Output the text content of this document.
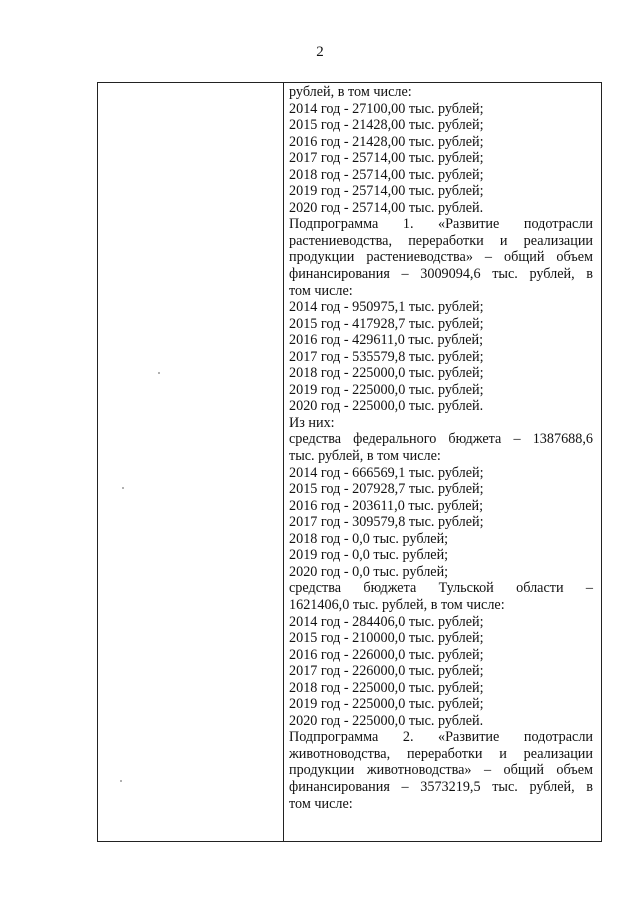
2
рублей, в том числе:
2014 год - 27100,00 тыс. рублей;
2015 год - 21428,00 тыс. рублей;
2016 год - 21428,00 тыс. рублей;
2017 год - 25714,00 тыс. рублей;
2018 год - 25714,00 тыс. рублей;
2019 год - 25714,00 тыс. рублей;
2020 год - 25714,00 тыс. рублей.
Подпрограмма 1. «Развитие подотрасли
растениеводства, переработки и реализации
продукции растениеводства» – общий объем
финансирования – 3009094,6 тыс. рублей, в
том числе:
2014 год - 950975,1 тыс. рублей;
2015 год - 417928,7 тыс. рублей;
2016 год - 429611,0 тыс. рублей;
2017 год - 535579,8 тыс. рублей;
2018 год - 225000,0 тыс. рублей;
2019 год - 225000,0 тыс. рублей;
2020 год - 225000,0 тыс. рублей.
Из них:
средства федерального бюджета – 1387688,6
тыс. рублей, в том числе:
2014 год - 666569,1 тыс. рублей;
2015 год - 207928,7 тыс. рублей;
2016 год - 203611,0 тыс. рублей;
2017 год - 309579,8 тыс. рублей;
2018 год - 0,0 тыс. рублей;
2019 год - 0,0 тыс. рублей;
2020 год - 0,0 тыс. рублей;
средства бюджета Тульской области –
1621406,0 тыс. рублей, в том числе:
2014 год - 284406,0 тыс. рублей;
2015 год - 210000,0 тыс. рублей;
2016 год - 226000,0 тыс. рублей;
2017 год - 226000,0 тыс. рублей;
2018 год - 225000,0 тыс. рублей;
2019 год - 225000,0 тыс. рублей;
2020 год - 225000,0 тыс. рублей.
Подпрограмма 2. «Развитие подотрасли
животноводства, переработки и реализации
продукции животноводства» – общий объем
финансирования – 3573219,5 тыс. рублей, в
том числе:
